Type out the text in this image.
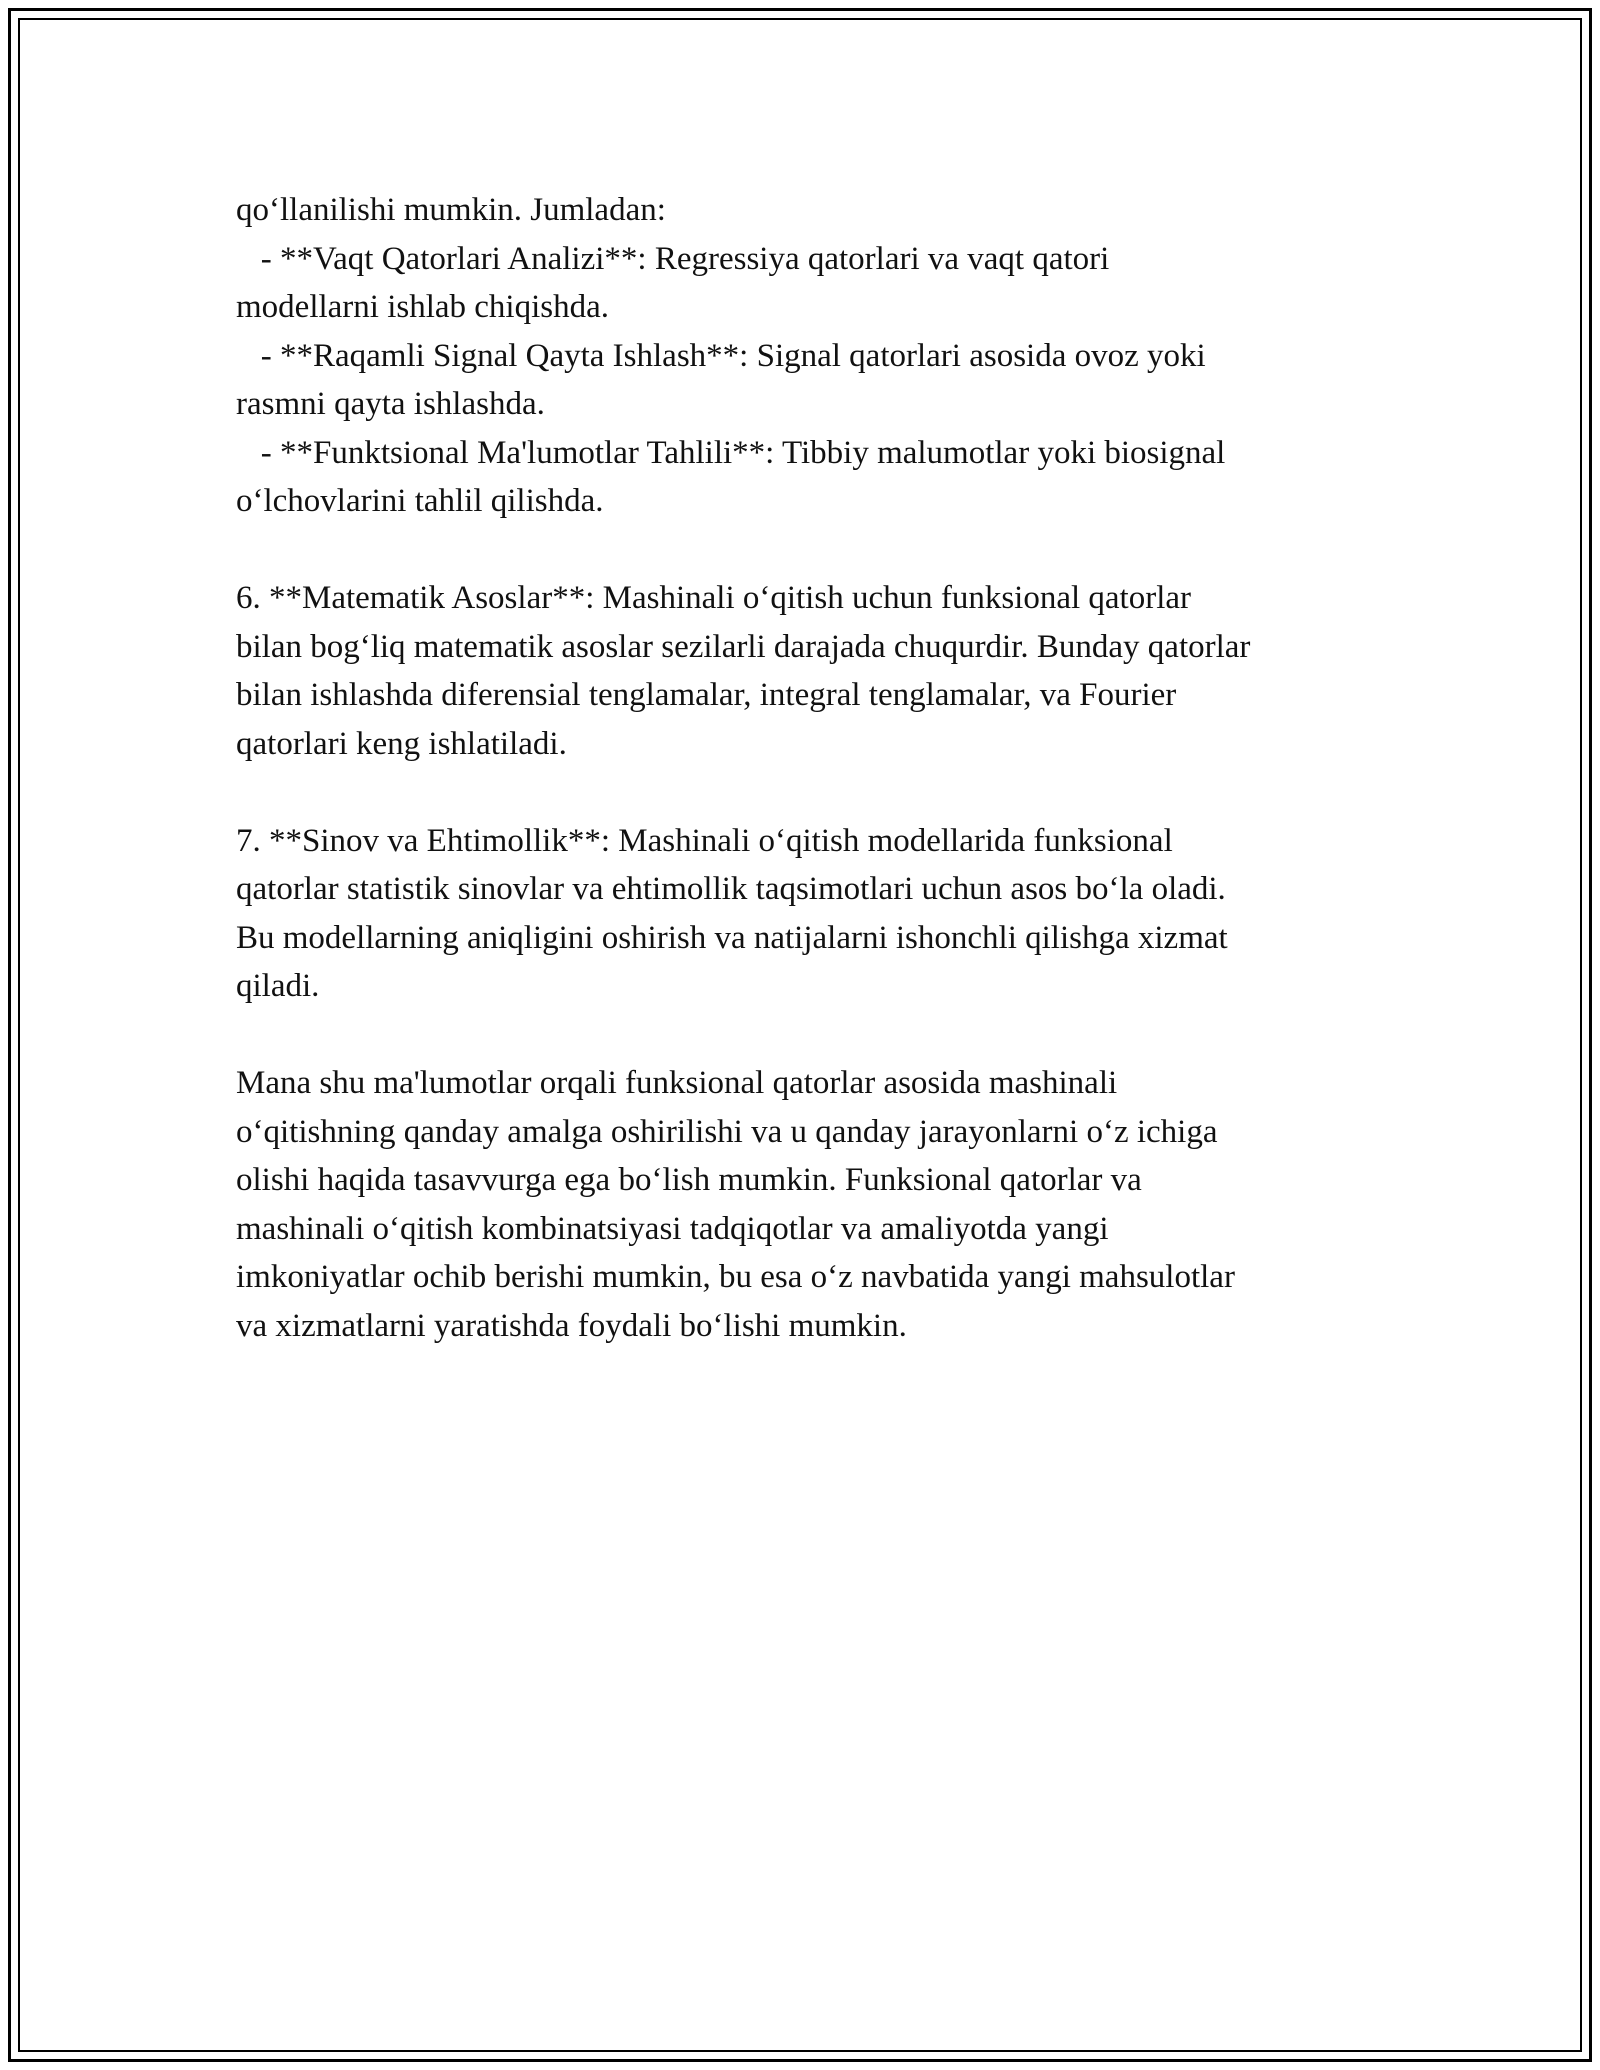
qo‘llanilishi mumkin. Jumladan:
- **Vaqt Qatorlari Analizi**: Regressiya qatorlari va vaqt qatori
modellarni ishlab chiqishda.
- **Raqamli Signal Qayta Ishlash**: Signal qatorlari asosida ovoz yoki
rasmni qayta ishlashda.
- **Funktsional Ma'lumotlar Tahlili**: Tibbiy malumotlar yoki biosignal
o‘lchovlarini tahlil qilishda.
6. **Matematik Asoslar**: Mashinali o‘qitish uchun funksional qatorlar
bilan bog‘liq matematik asoslar sezilarli darajada chuqurdir. Bunday qatorlar
bilan ishlashda diferensial tenglamalar, integral tenglamalar, va Fourier
qatorlari keng ishlatiladi.
7. **Sinov va Ehtimollik**: Mashinali o‘qitish modellarida funksional
qatorlar statistik sinovlar va ehtimollik taqsimotlari uchun asos bo‘la oladi.
Bu modellarning aniqligini oshirish va natijalarni ishonchli qilishga xizmat
qiladi.
Mana shu ma'lumotlar orqali funksional qatorlar asosida mashinali
o‘qitishning qanday amalga oshirilishi va u qanday jarayonlarni o‘z ichiga
olishi haqida tasavvurga ega bo‘lish mumkin. Funksional qatorlar va
mashinali o‘qitish kombinatsiyasi tadqiqotlar va amaliyotda yangi
imkoniyatlar ochib berishi mumkin, bu esa o‘z navbatida yangi mahsulotlar
va xizmatlarni yaratishda foydali bo‘lishi mumkin.
